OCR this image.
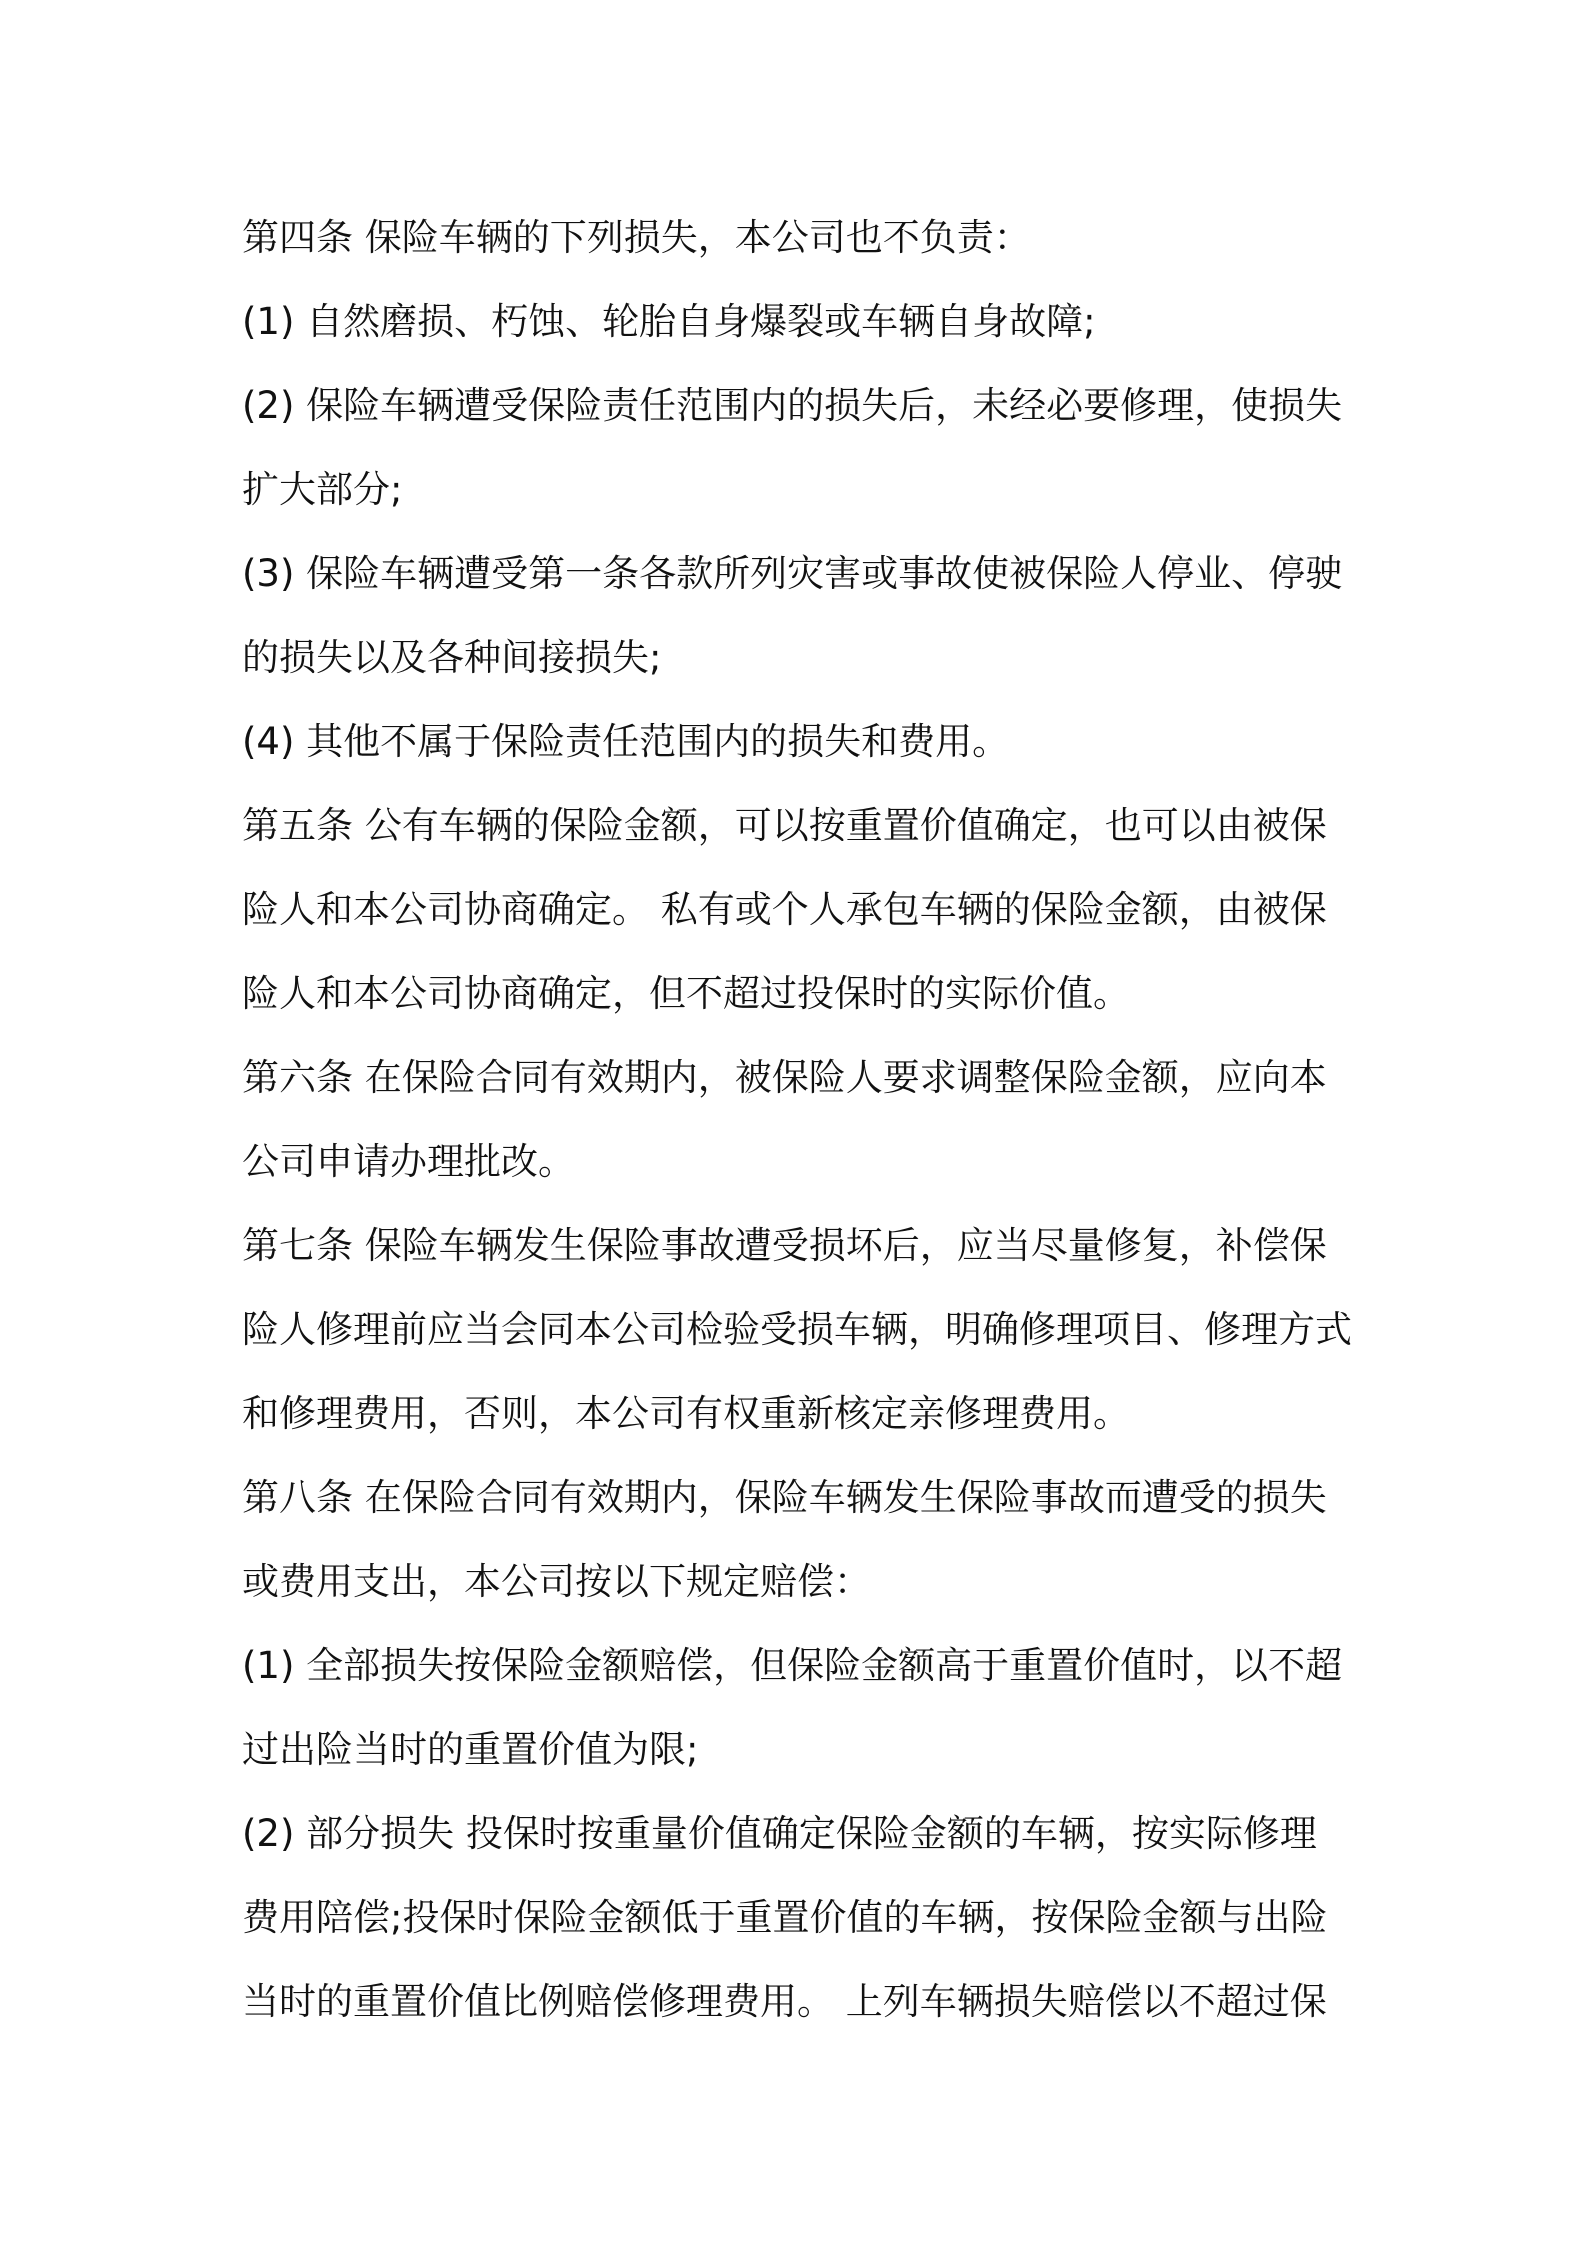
第四条 保险车辆的下列损失，本公司也不负责：
(1) 自然磨损、朽蚀、轮胎自身爆裂或车辆自身故障;
(2) 保险车辆遭受保险责任范围内的损失后，未经必要修理，使损失
扩大部分;
(3) 保险车辆遭受第一条各款所列灾害或事故使被保险人停业、停驶
的损失以及各种间接损失;
(4) 其他不属于保险责任范围内的损失和费用。
第五条 公有车辆的保险金额，可以按重置价值确定，也可以由被保
险人和本公司协商确定。 私有或个人承包车辆的保险金额，由被保
险人和本公司协商确定，但不超过投保时的实际价值。
第六条 在保险合同有效期内，被保险人要求调整保险金额，应向本
公司申请办理批改。
第七条 保险车辆发生保险事故遭受损坏后，应当尽量修复，补偿保
险人修理前应当会同本公司检验受损车辆，明确修理项目、修理方式
和修理费用，否则，本公司有权重新核定亲修理费用。
第八条 在保险合同有效期内，保险车辆发生保险事故而遭受的损失
或费用支出，本公司按以下规定赔偿：
(1) 全部损失按保险金额赔偿，但保险金额高于重置价值时，以不超
过出险当时的重置价值为限;
(2) 部分损失 投保时按重量价值确定保险金额的车辆，按实际修理
费用陪偿;投保时保险金额低于重置价值的车辆，按保险金额与出险
当时的重置价值比例赔偿修理费用。 上列车辆损失赔偿以不超过保
